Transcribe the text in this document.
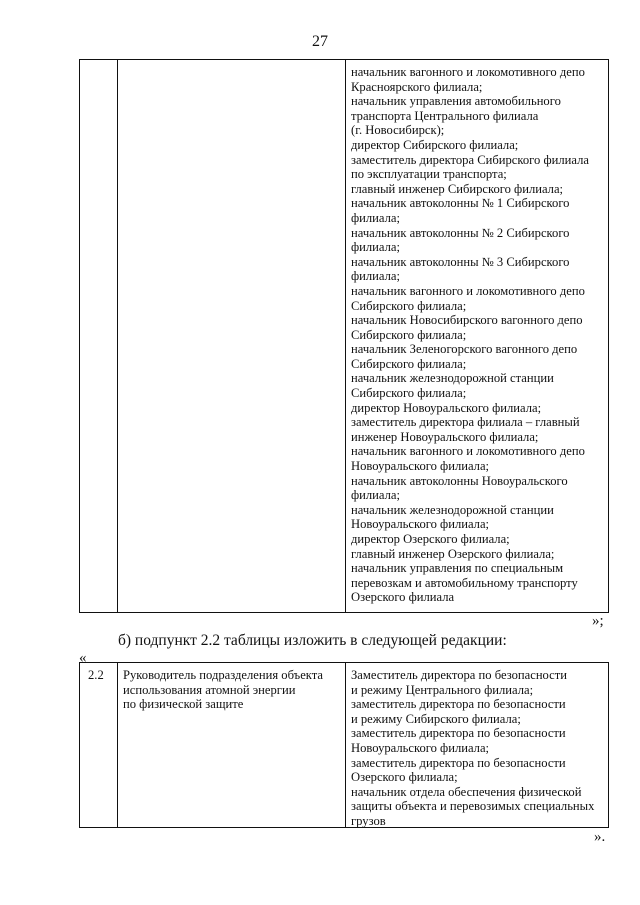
27
начальник вагонного и локомотивного депо
Красноярского филиала;
начальник управления автомобильного
транспорта Центрального филиала
(г. Новосибирск);
директор Сибирского филиала;
заместитель директора Сибирского филиала
по эксплуатации транспорта;
главный инженер Сибирского филиала;
начальник автоколонны № 1 Сибирского
филиала;
начальник автоколонны № 2 Сибирского
филиала;
начальник автоколонны № 3 Сибирского
филиала;
начальник вагонного и локомотивного депо
Сибирского филиала;
начальник Новосибирского вагонного депо
Сибирского филиала;
начальник Зеленогорского вагонного депо
Сибирского филиала;
начальник железнодорожной станции
Сибирского филиала;
директор Новоуральского филиала;
заместитель директора филиала – главный
инженер Новоуральского филиала;
начальник вагонного и локомотивного депо
Новоуральского филиала;
начальник автоколонны Новоуральского
филиала;
начальник железнодорожной станции
Новоуральского филиала;
директор Озерского филиала;
главный инженер Озерского филиала;
начальник управления по специальным
перевозкам и автомобильному транспорту
Озерского филиала
»;
б) подпункт 2.2 таблицы изложить в следующей редакции:
«
2.2	Руководитель подразделения объекта
использования атомной энергии
по физической защите
Заместитель директора по безопасности
и режиму Центрального филиала;
заместитель директора по безопасности
и режиму Сибирского филиала;
заместитель директора по безопасности
Новоуральского филиала;
заместитель директора по безопасности
Озерского филиала;
начальник отдела обеспечения физической
защиты объекта и перевозимых специальных
грузов
».
